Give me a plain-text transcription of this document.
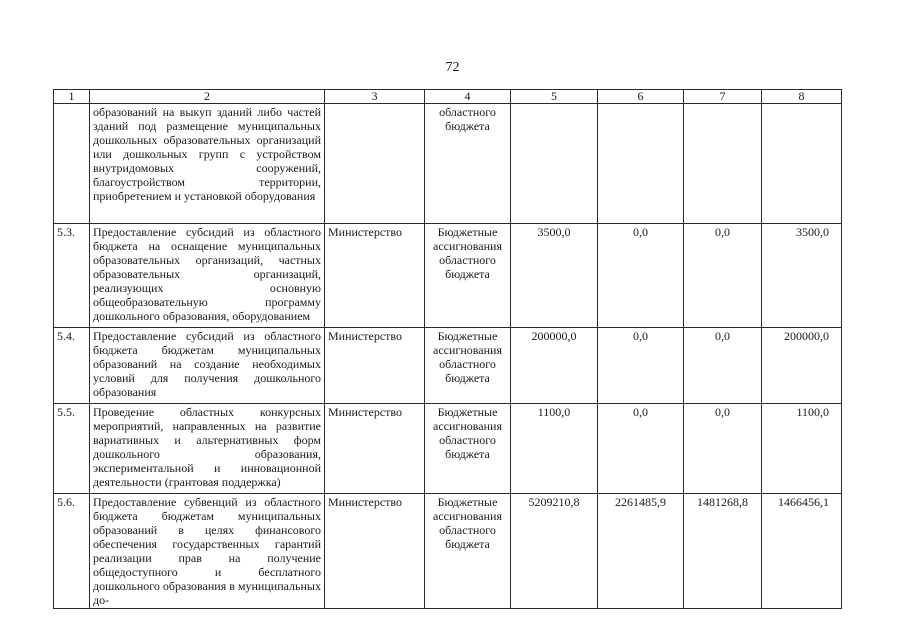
72
1	2	3	4	5	6	7	8
	образований на выкуп зданий либо частей зданий под размещение муниципальных дошкольных образовательных организаций или дошкольных групп с устройством внутридомовых сооружений, благоустройством территории, приобретением и установкой оборудования		областного бюджета				
5.3.	Предоставление субсидий из областного бюджета на оснащение муниципальных образовательных организаций, частных образовательных организаций, реализующих основную общеобразовательную программу дошкольного образования, оборудованием	Министерство	Бюджетные ассигнования областного бюджета	3500,0	0,0	0,0	3500,0
5.4.	Предоставление субсидий из областного бюджета бюджетам муниципальных образований на создание необходимых условий для получения дошкольного образования	Министерство	Бюджетные ассигнования областного бюджета	200000,0	0,0	0,0	200000,0
5.5.	Проведение областных конкурсных мероприятий, направленных на развитие вариативных и альтернативных форм дошкольного образования, экспериментальной и инновационной деятельности (грантовая поддержка)	Министерство	Бюджетные ассигнования областного бюджета	1100,0	0,0	0,0	1100,0
5.6.	Предоставление субвенций из областного бюджета бюджетам муниципальных образований в целях финансового обеспечения государственных гарантий реализации прав на получение общедоступного и бесплатного дошкольного образования в муниципальных до-	Министерство	Бюджетные ассигнования областного бюджета	5209210,8	2261485,9	1481268,8	1466456,1
